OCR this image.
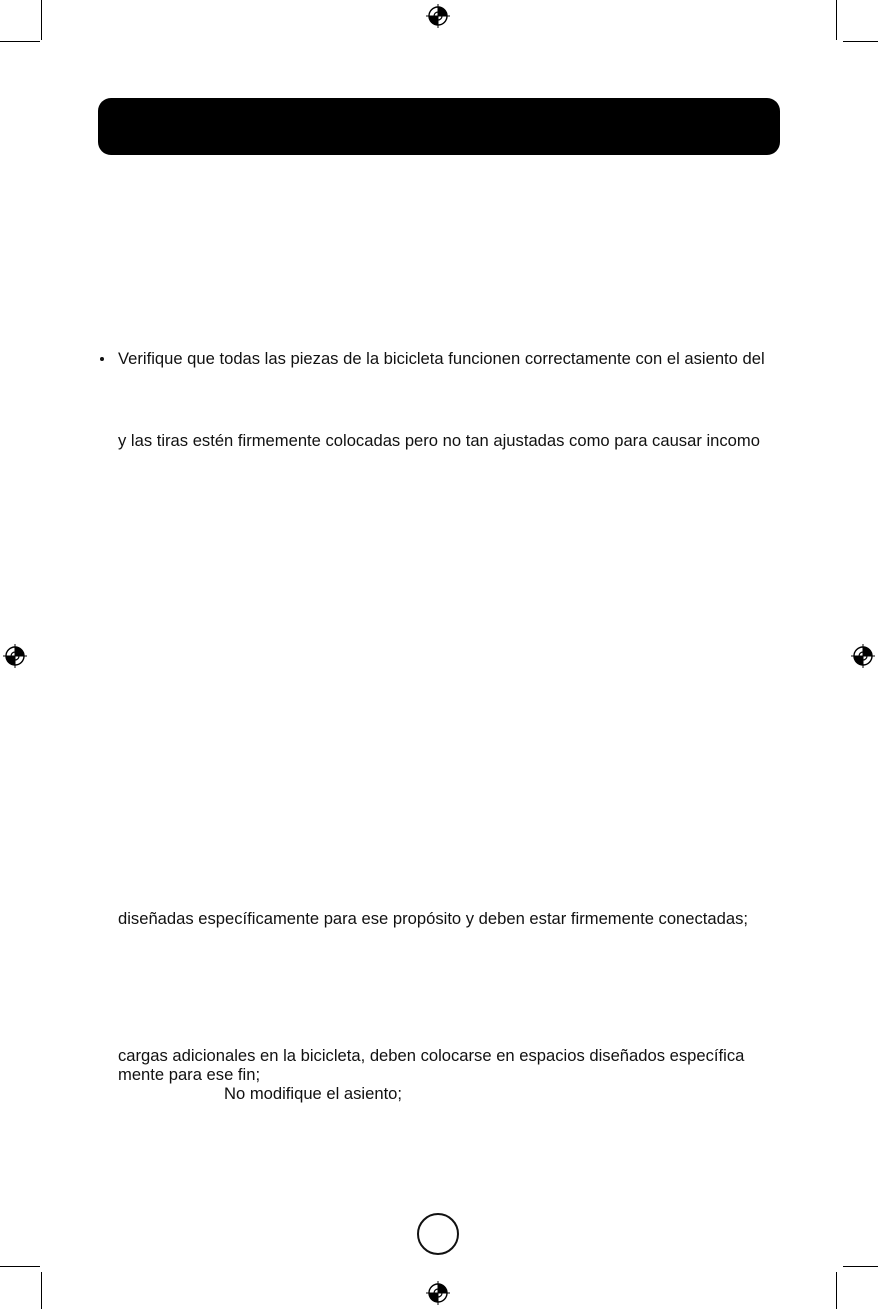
Verifique que todas las piezas de la bicicleta funcionen correctamente con el asiento del
y las tiras estén firmemente colocadas pero no tan ajustadas como para causar incomo
diseñadas específicamente para ese propósito y deben estar firmemente conectadas;
cargas adicionales en la bicicleta, deben colocarse en espacios diseñados específica
mente para ese fin;
No modifique el asiento;
